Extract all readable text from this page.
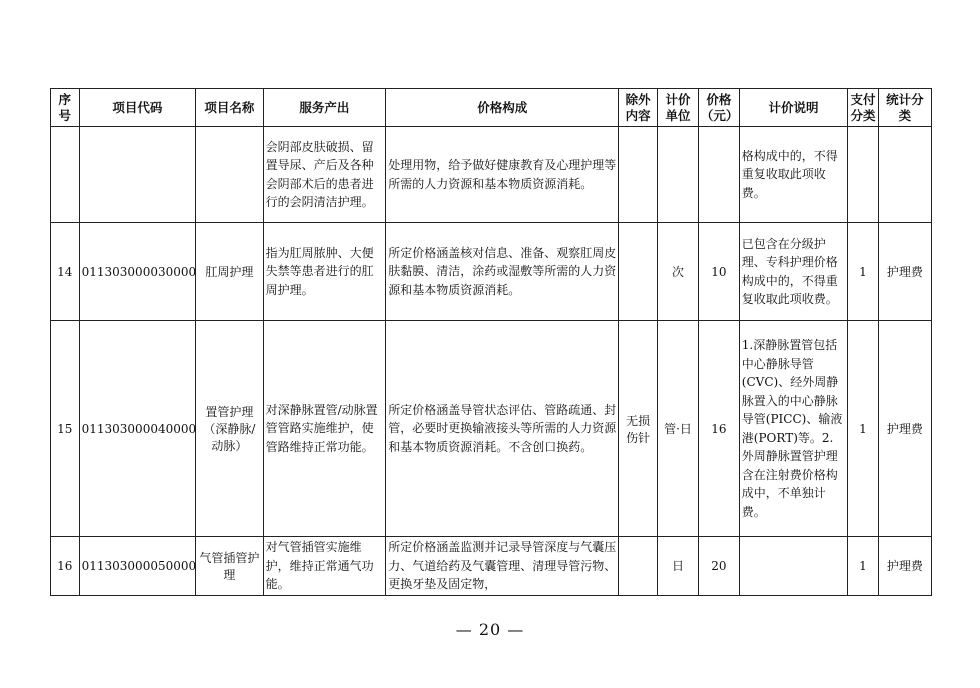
序号	项目代码	项目名称	服务产出	价格构成	除外内容	计价单位	价格（元）	计价说明	支付分类	统计分类
			会阴部皮肤破损、留置导尿、产后及各种会阴部术后的患者进行的会阴清洁护理。	处理用物，给予做好健康教育及心理护理等所需的人力资源和基本物质资源消耗。				格构成中的，不得重复收取此项收费。		
14	011303000030000	肛周护理	指为肛周脓肿、大便失禁等患者进行的肛周护理。	所定价格涵盖核对信息、准备、观察肛周皮肤黏膜、清洁，涂药或湿敷等所需的人力资源和基本物质资源消耗。		次	10	已包含在分级护理、专科护理价格构成中的，不得重复收取此项收费。	1	护理费
15	011303000040000	置管护理（深静脉/动脉）	对深静脉置管/动脉置管管路实施维护，使管路维持正常功能。	所定价格涵盖导管状态评估、管路疏通、封管，必要时更换输液接头等所需的人力资源和基本物质资源消耗。不含创口换药。	无损伤针	管·日	16	1.深静脉置管包括中心静脉导管(CVC)、经外周静脉置入的中心静脉导管(PICC)、输液港(PORT)等。2.外周静脉置管护理含在注射费价格构成中，不单独计费。	1	护理费
16	011303000050000	气管插管护理	对气管插管实施维护，维持正常通气功能。	所定价格涵盖监测并记录导管深度与气囊压力、气道给药及气囊管理、清理导管污物、更换牙垫及固定物，		日	20		1	护理费
— 20 —
